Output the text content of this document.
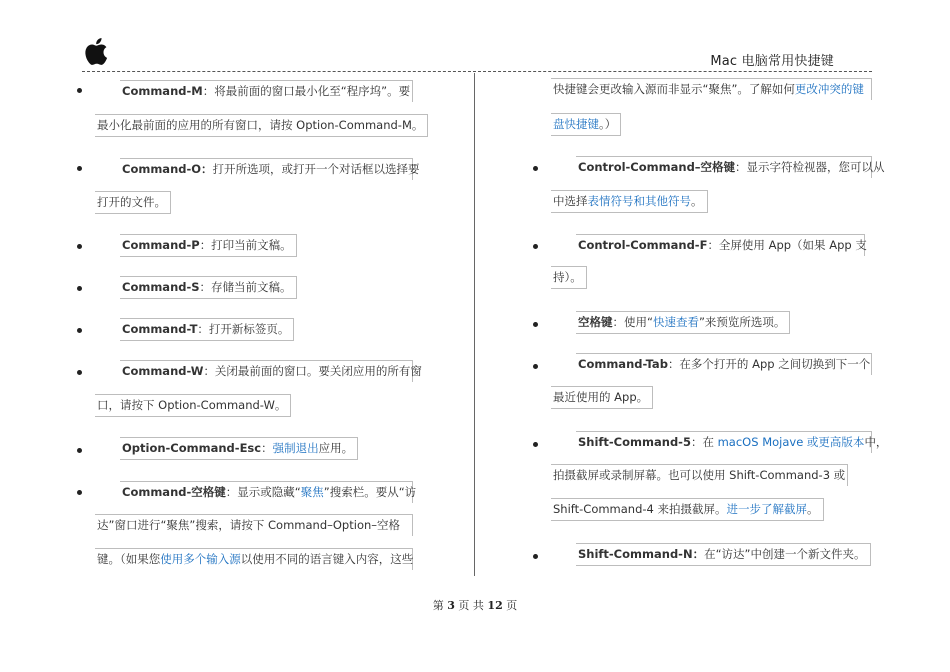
Mac 电脑常用快捷键
Command-M：将最前面的窗口最小化至“程序坞”。要
最小化最前面的应用的所有窗口，请按 Option-Command-M。
Command-O：打开所选项，或打开一个对话框以选择要
打开的文件。
Command-P：打印当前文稿。
Command-S：存储当前文稿。
Command-T：打开新标签页。
Command-W：关闭最前面的窗口。要关闭应用的所有窗
口，请按下 Option-Command-W。
Option-Command-Esc：强制退出应用。
Command-空格键：显示或隐藏“聚焦”搜索栏。要从“访
达”窗口进行“聚焦”搜索，请按下 Command–Option–空格
键。（如果您使用多个输入源以使用不同的语言键入内容，这些
快捷键会更改输入源而非显示“聚焦”。了解如何更改冲突的键
盘快捷键。）
Control-Command–空格键：显示字符检视器，您可以从
中选择表情符号和其他符号。
Control-Command-F：全屏使用 App（如果 App 支
持）。
空格键：使用“快速查看”来预览所选项。
Command-Tab：在多个打开的 App 之间切换到下一个
最近使用的 App。
Shift-Command-5：在 macOS Mojave 或更高版本中，
拍摄截屏或录制屏幕。也可以使用 Shift-Command-3 或
Shift-Command-4 来拍摄截屏。进一步了解截屏。
Shift-Command-N：在“访达”中创建一个新文件夹。
第 3 页 共 12 页
